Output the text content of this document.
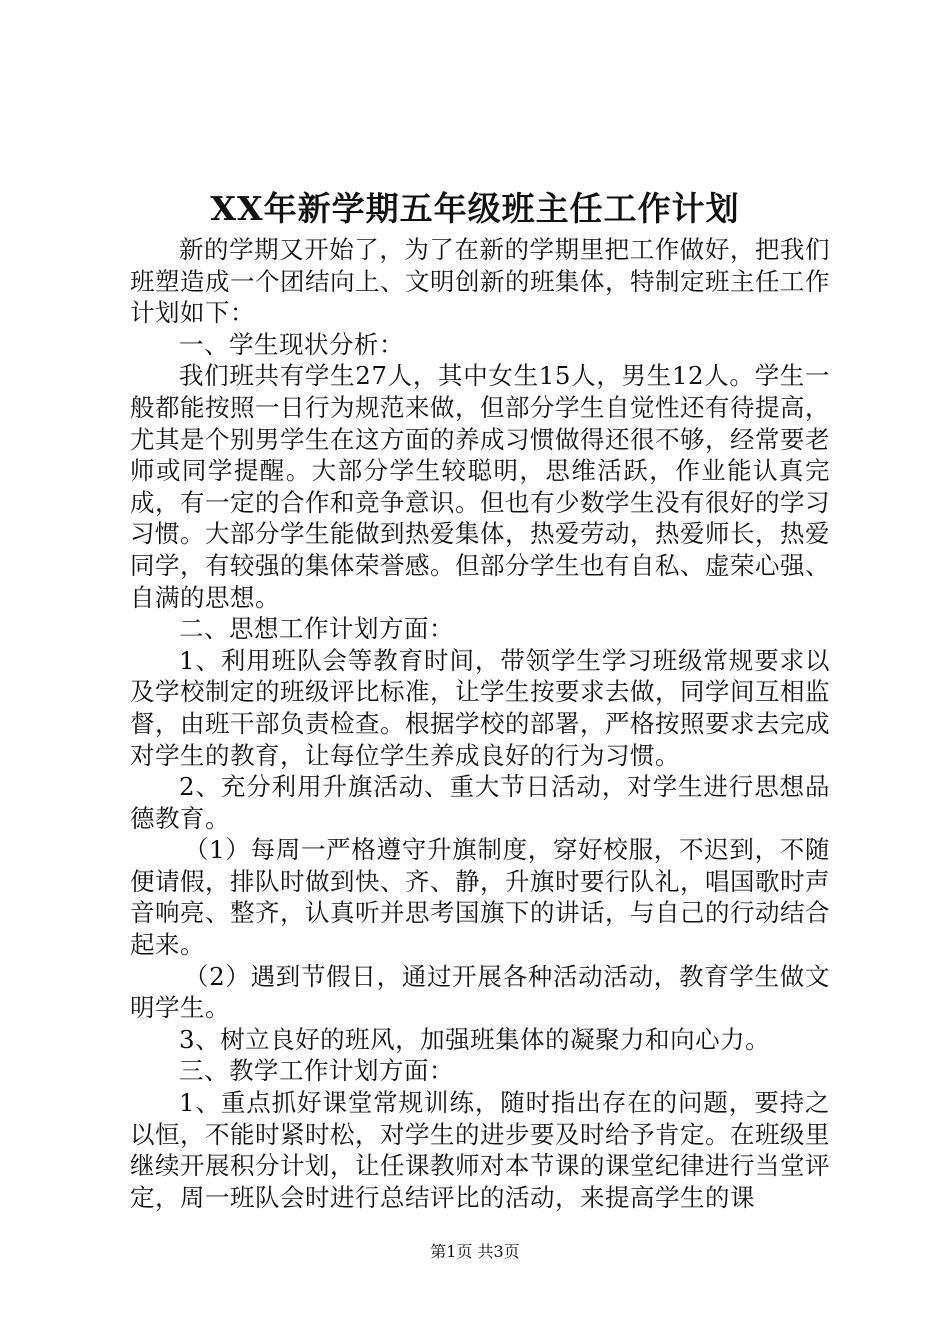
XX年新学期五年级班主任工作计划

新的学期又开始了，为了在新的学期里把工作做好，把我们班塑造成一个团结向上、文明创新的班集体，特制定班主任工作计划如下：

一、学生现状分析：

我们班共有学生27人，其中女生15人，男生12人。学生一般都能按照一日行为规范来做，但部分学生自觉性还有待提高，尤其是个别男学生在这方面的养成习惯做得还很不够，经常要老师或同学提醒。大部分学生较聪明，思维活跃，作业能认真完成，有一定的合作和竞争意识。但也有少数学生没有很好的学习习惯。大部分学生能做到热爱集体，热爱劳动，热爱师长，热爱同学，有较强的集体荣誉感。但部分学生也有自私、虚荣心强、自满的思想。

二、思想工作计划方面：

1、利用班队会等教育时间，带领学生学习班级常规要求以及学校制定的班级评比标准，让学生按要求去做，同学间互相监督，由班干部负责检查。根据学校的部署，严格按照要求去完成对学生的教育，让每位学生养成良好的行为习惯。

2、充分利用升旗活动、重大节日活动，对学生进行思想品德教育。

（1）每周一严格遵守升旗制度，穿好校服，不迟到，不随便请假，排队时做到快、齐、静，升旗时要行队礼，唱国歌时声音响亮、整齐，认真听并思考国旗下的讲话，与自己的行动结合起来。

（2）遇到节假日，通过开展各种活动活动，教育学生做文明学生。

3、树立良好的班风，加强班集体的凝聚力和向心力。

三、教学工作计划方面：

1、重点抓好课堂常规训练，随时指出存在的问题，要持之以恒，不能时紧时松，对学生的进步要及时给予肯定。在班级里继续开展积分计划，让任课教师对本节课的课堂纪律进行当堂评定，周一班队会时进行总结评比的活动，来提高学生的课

第1页 共3页
